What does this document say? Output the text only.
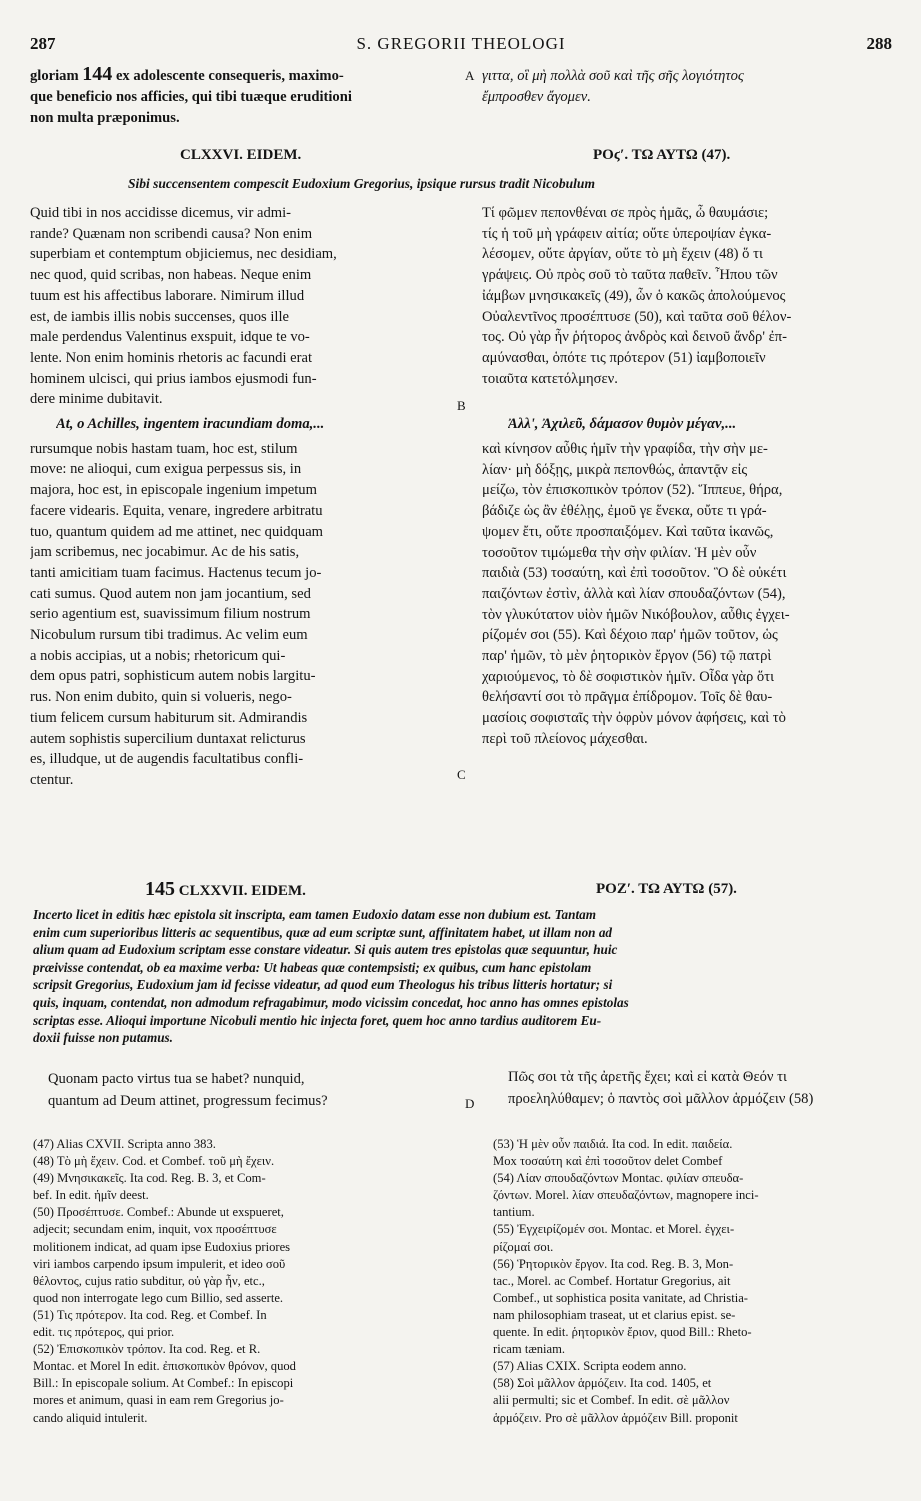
287	S. GREGORII THEOLOGI	288
gloriam 144 ex adolescente consequeris, maximo-
que beneficio nos afficies, qui tibi tuæque eruditioni
non multa præponimus.
A γιττα, οἳ μὴ πολλὰ σοῦ καὶ τῆς σῆς λογιότητος
ἔμπροσθεν ἄγομεν.
CLXXVI. EIDEM.	ΡΟϛʹ. ΤΩ ΑΥΤΩ (47).
Sibi succensentem compescit Eudoxium Gregorius, ipsique rursus tradit Nicobulum
Quid tibi in nos accidisse dicemus, vir admi-
rande? Quænam non scribendi causa? Non enim
superbiam et contemptum objiciemus, nec desidiam,
nec quod, quid scribas, non habeas. Neque enim
tuum est his affectibus laborare. Nimirum illud
est, de iambis illis nobis succenses, quos ille
male perdendus Valentinus exspuit, idque te vo-
lente. Non enim hominis rhetoris ac facundi erat
hominem ulcisci, qui prius iambos ejusmodi fun-
dere minime dubitavit.
At, o Achilles, ingentem iracundiam doma,...
rursumque nobis hastam tuam, hoc est, stilum
move: ne alioqui, cum exigua perpessus sis, in
majora, hoc est, in episcopale ingenium impetum
facere videaris. Equita, venare, ingredere arbitratu
tuo, quantum quidem ad me attinet, nec quidquam
jam scribemus, nec jocabimur. Ac de his satis,
tanti amicitiam tuam facimus. Hactenus tecum jo-
cati sumus. Quod autem non jam jocantium, sed
serio agentium est, suavissimum filium nostrum
Nicobulum rursum tibi tradimus. Ac velim eum
a nobis accipias, ut a nobis; rhetoricum qui-
dem opus patri, sophisticum autem nobis largitu-
rus. Non enim dubito, quin si volueris, nego-
tium felicem cursum habiturum sit. Admirandis
autem sophistis supercilium duntaxat relicturus
es, illudque, ut de augendis facultatibus confli-
ctentur.
B
C
Τί φῶμεν πεπονθέναι σε πρὸς ἡμᾶς, ὦ θαυμάσιε;
τίς ἡ τοῦ μὴ γράφειν αἰτία; οὔτε ὑπεροψίαν ἐγκα-
λέσομεν, οὔτε ἀργίαν, οὔτε τὸ μὴ ἔχειν (48) ὅ τι
γράψεις. Οὐ πρὸς σοῦ τὸ ταῦτα παθεῖν. Ἦπου τῶν
ἰάμβων μνησικακεῖς (49), ὧν ὁ κακῶς ἀπολούμενος
Οὐαλεντῖνος προσέπτυσε (50), καὶ ταῦτα σοῦ θέλον-
τος. Οὐ γὰρ ἦν ῥήτορος ἀνδρὸς καὶ δεινοῦ ἄνδρ' ἐπ-
αμύνασθαι, ὁπότε τις πρότερον (51) ἰαμβοποιεῖν
τοιαῦτα κατετόλμησεν.
Ἀλλ', Ἀχιλεῦ, δάμασον θυμὸν μέγαν,...
καὶ κίνησον αὖθις ἡμῖν τὴν γραφίδα, τὴν σὴν με-
λίαν· μὴ δόξῃς, μικρὰ πεπονθώς, ἀπαντᾷν εἰς
μείζω, τὸν ἐπισκοπικὸν τρόπον (52). Ἵππευε, θήρα,
βάδιζε ὡς ἂν ἐθέλῃς, ἐμοῦ γε ἕνεκα, οὔτε τι γρά-
ψομεν ἔτι, οὔτε προσπαιξόμεν. Καὶ ταῦτα ἱκανῶς,
τοσοῦτον τιμώμεθα τὴν σὴν φιλίαν. Ἡ μὲν οὖν
παιδιὰ (53) τοσαύτη, καὶ ἐπὶ τοσοῦτον. Ὃ δὲ οὐκέτι
παιζόντων ἐστὶν, ἀλλὰ καὶ λίαν σπουδαζόντων (54),
τὸν γλυκύτατον υἱὸν ἡμῶν Νικόβουλον, αὖθις ἐγχει-
ρίζομέν σοι (55). Καὶ δέχοιο παρ' ἡμῶν τοῦτον, ὡς
παρ' ἡμῶν, τὸ μὲν ῥητορικὸν ἔργον (56) τῷ πατρὶ
χαριούμενος, τὸ δὲ σοφιστικὸν ἡμῖν. Οἶδα γὰρ ὅτι
θελήσαντί σοι τὸ πρᾶγμα ἐπίδρομον. Τοῖς δὲ θαυ-
μασίοις σοφισταῖς τὴν ὀφρὺν μόνον ἀφήσεις, καὶ τὸ
περὶ τοῦ πλείονος μάχεσθαι.
145 CLXXVII. EIDEM.	ΡΟΖʹ. ΤΩ ΑΥΤΩ (57).
Incerto licet in editis hæc epistola sit inscripta, eam tamen Eudoxio datam esse non dubium est. Tantam
enim cum superioribus litteris ac sequentibus, quæ ad eum scriptæ sunt, affinitatem habet, ut illam non ad
alium quam ad Eudoxium scriptam esse constare videatur. Si quis autem tres epistolas quæ sequuntur, huic
præivisse contendat, ob ea maxime verba: Ut habeas quæ contempsisti; ex quibus, cum hanc epistolam
scripsit Gregorius, Eudoxium jam id fecisse videatur, ad quod eum Theologus his tribus litteris hortatur; si
quis, inquam, contendat, non admodum refragabimur, modo vicissim concedat, hoc anno has omnes epistolas
scriptas esse. Alioqui importune Nicobuli mentio hic injecta foret, quem hoc anno tardius auditorem Eu-
doxii fuisse non putamus.
Quonam pacto virtus tua se habet? nunquid,
quantum ad Deum attinet, progressum fecimus?	D
Πῶς σοι τὰ τῆς ἀρετῆς ἔχει; καὶ εἰ κατὰ Θεόν τι
προεληλύθαμεν; ὁ παντὸς σοὶ μᾶλλον ἁρμόζειν (58)
(47) Alias CXVII. Scripta anno 383.
(48) Τὸ μὴ ἔχειν. Cod. et Combef. τοῦ μὴ ἔχειν.
(49) Μνησικακεῖς. Ita cod. Reg. B. 3, et Com-
bef. In edit. ἡμῖν deest.
(50) Προσέπτυσε. Combef.: Abunde ut exspueret,
adjecit; secundam enim, inquit, vox προσέπτυσε
molitionem indicat, ad quam ipse Eudoxius priores
viri iambos carpendo ipsum impulerit, et ideo σοῦ
θέλοντος, cujus ratio subditur, οὐ γὰρ ἦν, etc.,
quod non interrogate lego cum Billio, sed asserte.
(51) Τις πρότερον. Ita cod. Reg. et Combef. In
edit. τις πρότερος, qui prior.
(52) Ἐπισκοπικὸν τρόπον. Ita cod. Reg. et R.
Montac. et Morel In edit. ἐπισκοπικὸν θρόνον, quod
Bill.: In episcopale solium. At Combef.: In episcopi
mores et animum, quasi in eam rem Gregorius jo-
cando aliquid intulerit.
(53) Ἡ μὲν οὖν παιδιά. Ita cod. In edit. παιδεία.
Mox τοσαύτη καὶ ἐπὶ τοσοῦτον delet Combef
(54) Λίαν σπουδαζόντων Montac. φιλίαν σπευδα-
ζόντων. Morel. λίαν σπευδαζόντων, magnopere inci-
tantium.
(55) Ἐγχειρίζομέν σοι. Montac. et Morel. ἐγχει-
ρίζομαί σοι.
(56) Ῥητορικὸν ἔργον. Ita cod. Reg. B. 3, Mon-
tac., Morel. ac Combef. Hortatur Gregorius, ait
Combef., ut sophistica posita vanitate, ad Christia-
nam philosophiam traseat, ut et clarius epist. se-
quente. In edit. ῥητορικὸν ἔριον, quod Bill.: Rheto-
ricam tæniam.
(57) Alias CXIX. Scripta eodem anno.
(58) Σοὶ μᾶλλον ἁρμόζειν. Ita cod. 1405, et
alii permulti; sic et Combef. In edit. σὲ μᾶλλον
ἁρμόζειν. Pro σὲ μᾶλλον ἁρμόζειν Bill. proponit
